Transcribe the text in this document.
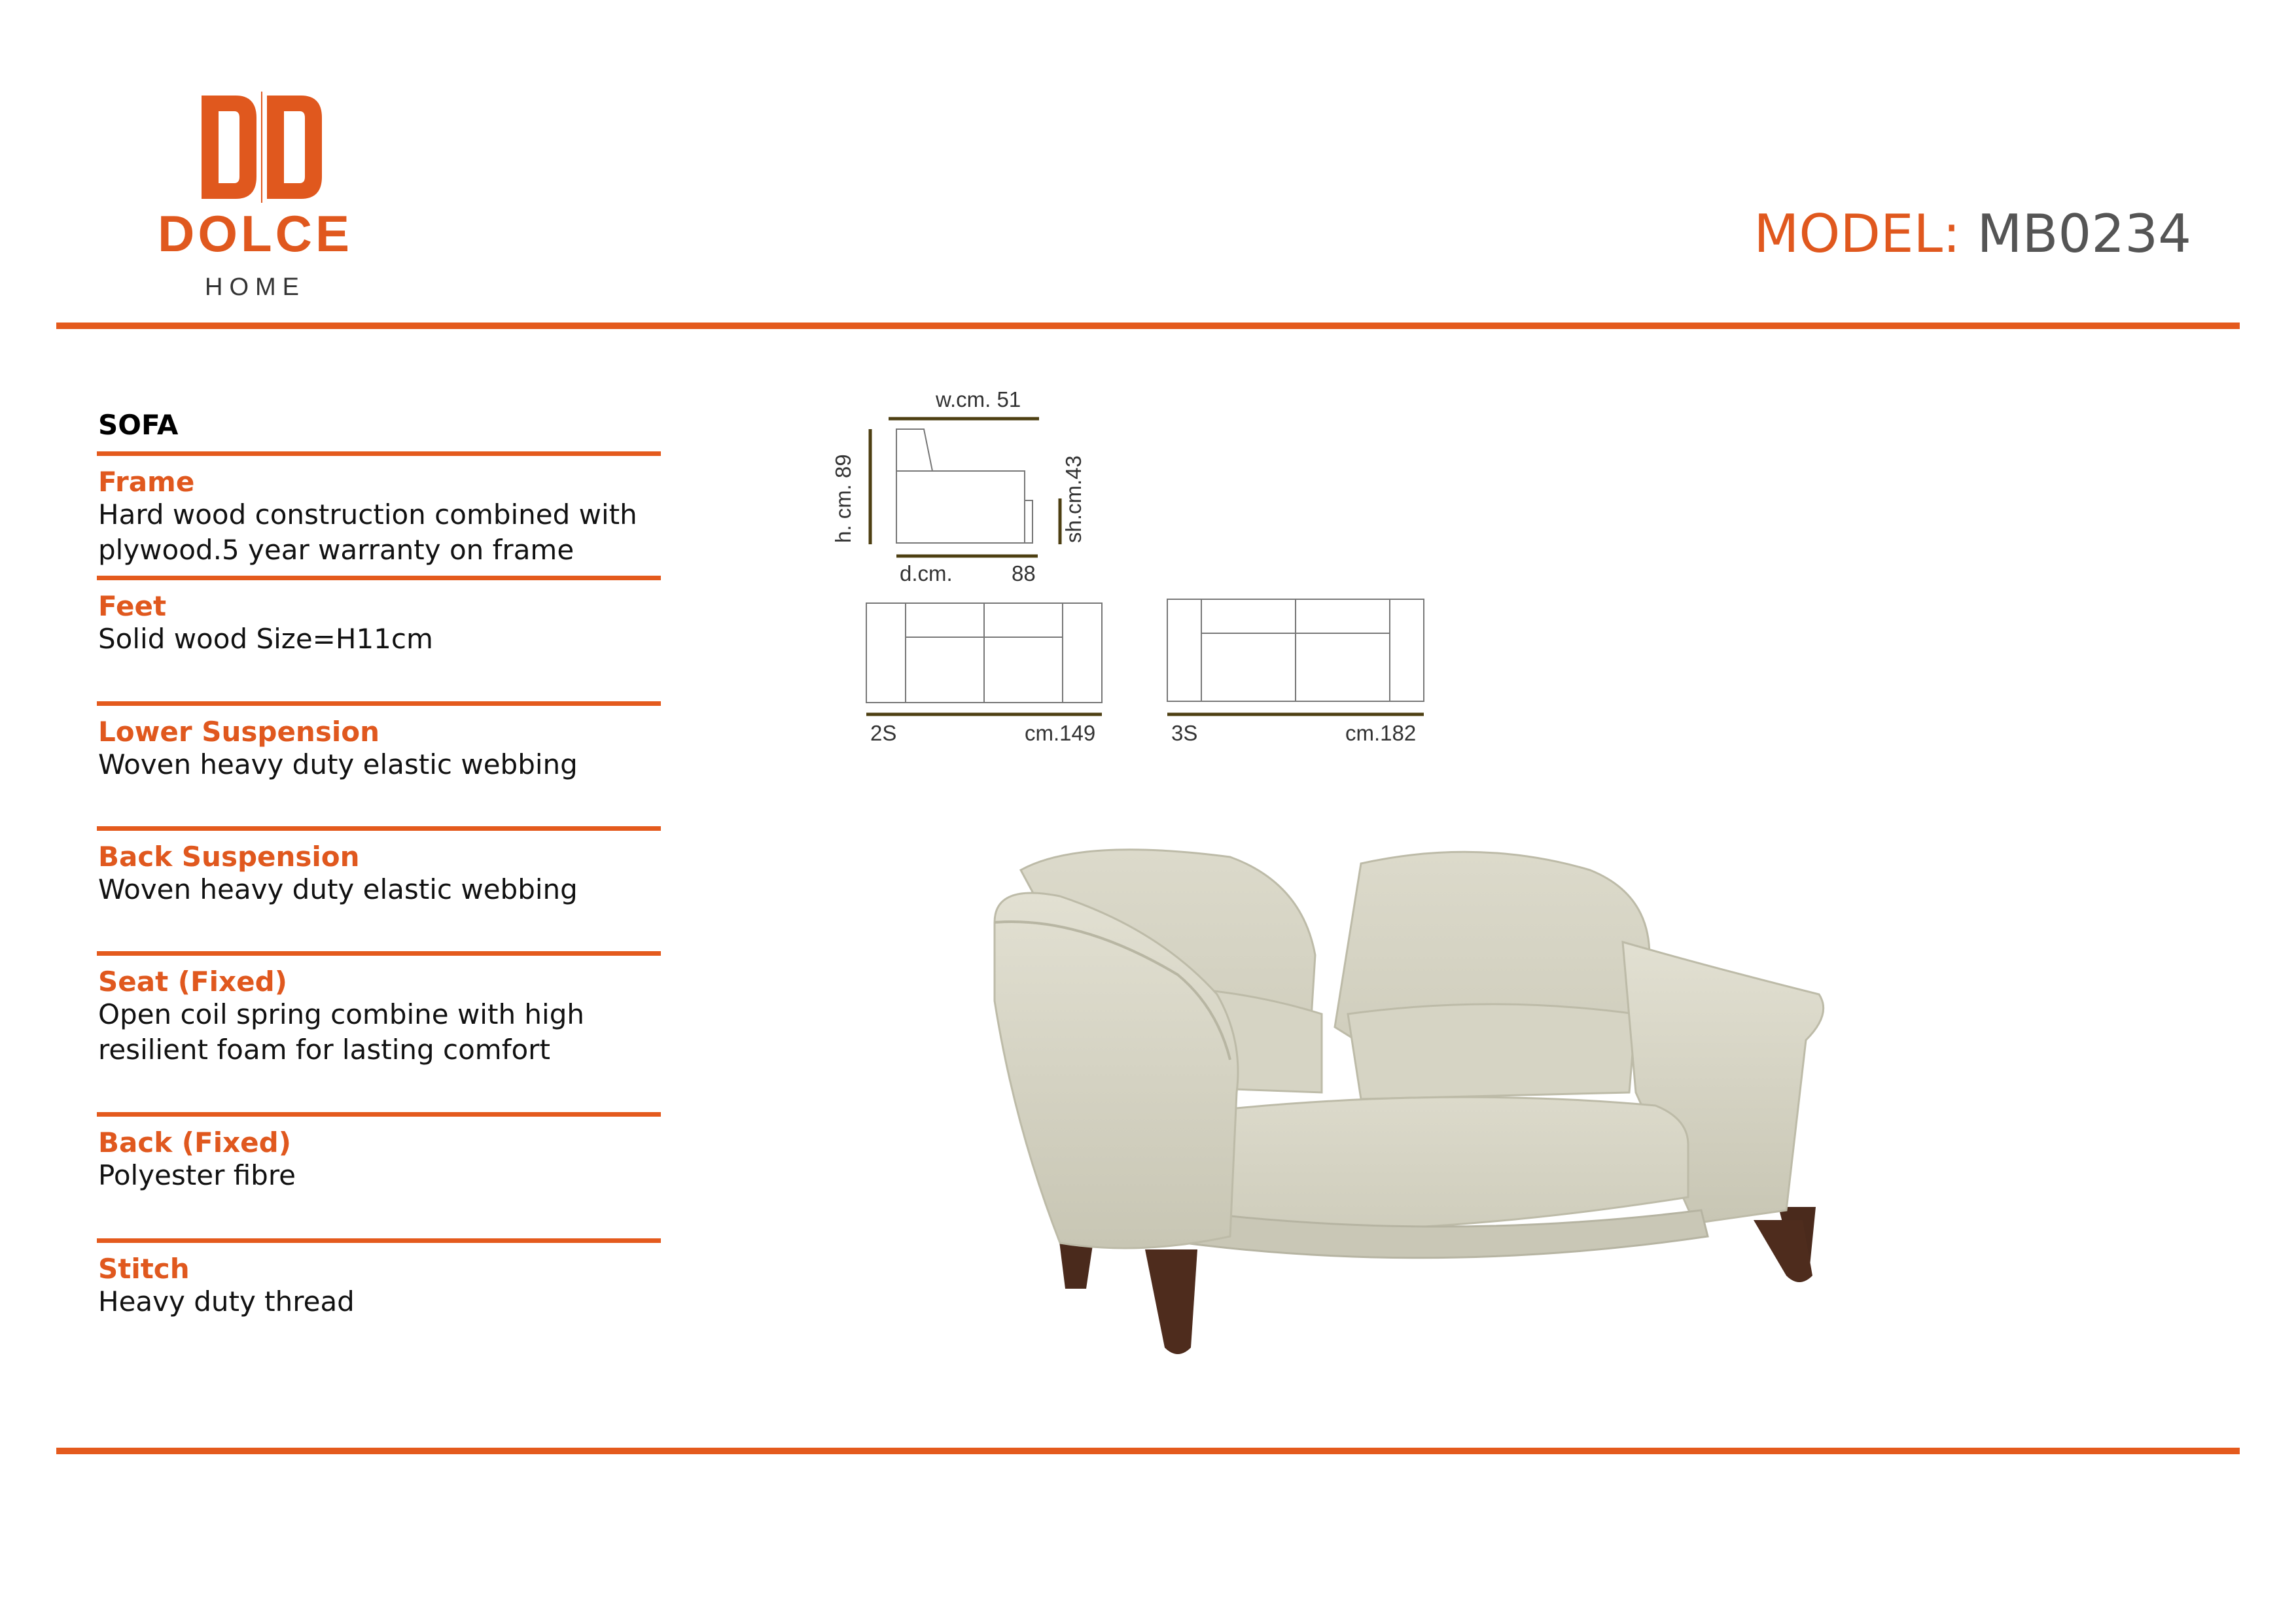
DOLCE
HOME
MODEL: MB0234
SOFA
Frame
Hard wood construction combined with plywood.5 year warranty on frame
Feet
Solid wood Size=H11cm
Lower Suspension
Woven heavy duty elastic webbing
Back Suspension
Woven heavy duty elastic webbing
Seat (Fixed)
Open coil spring combine with high resilient foam for lasting comfort
Back (Fixed)
Polyester fibre
Stitch
Heavy duty thread
w.cm. 51
h. cm. 89	sh.cm.43
d.cm.	88
2S	cm.149	3S	cm.182
